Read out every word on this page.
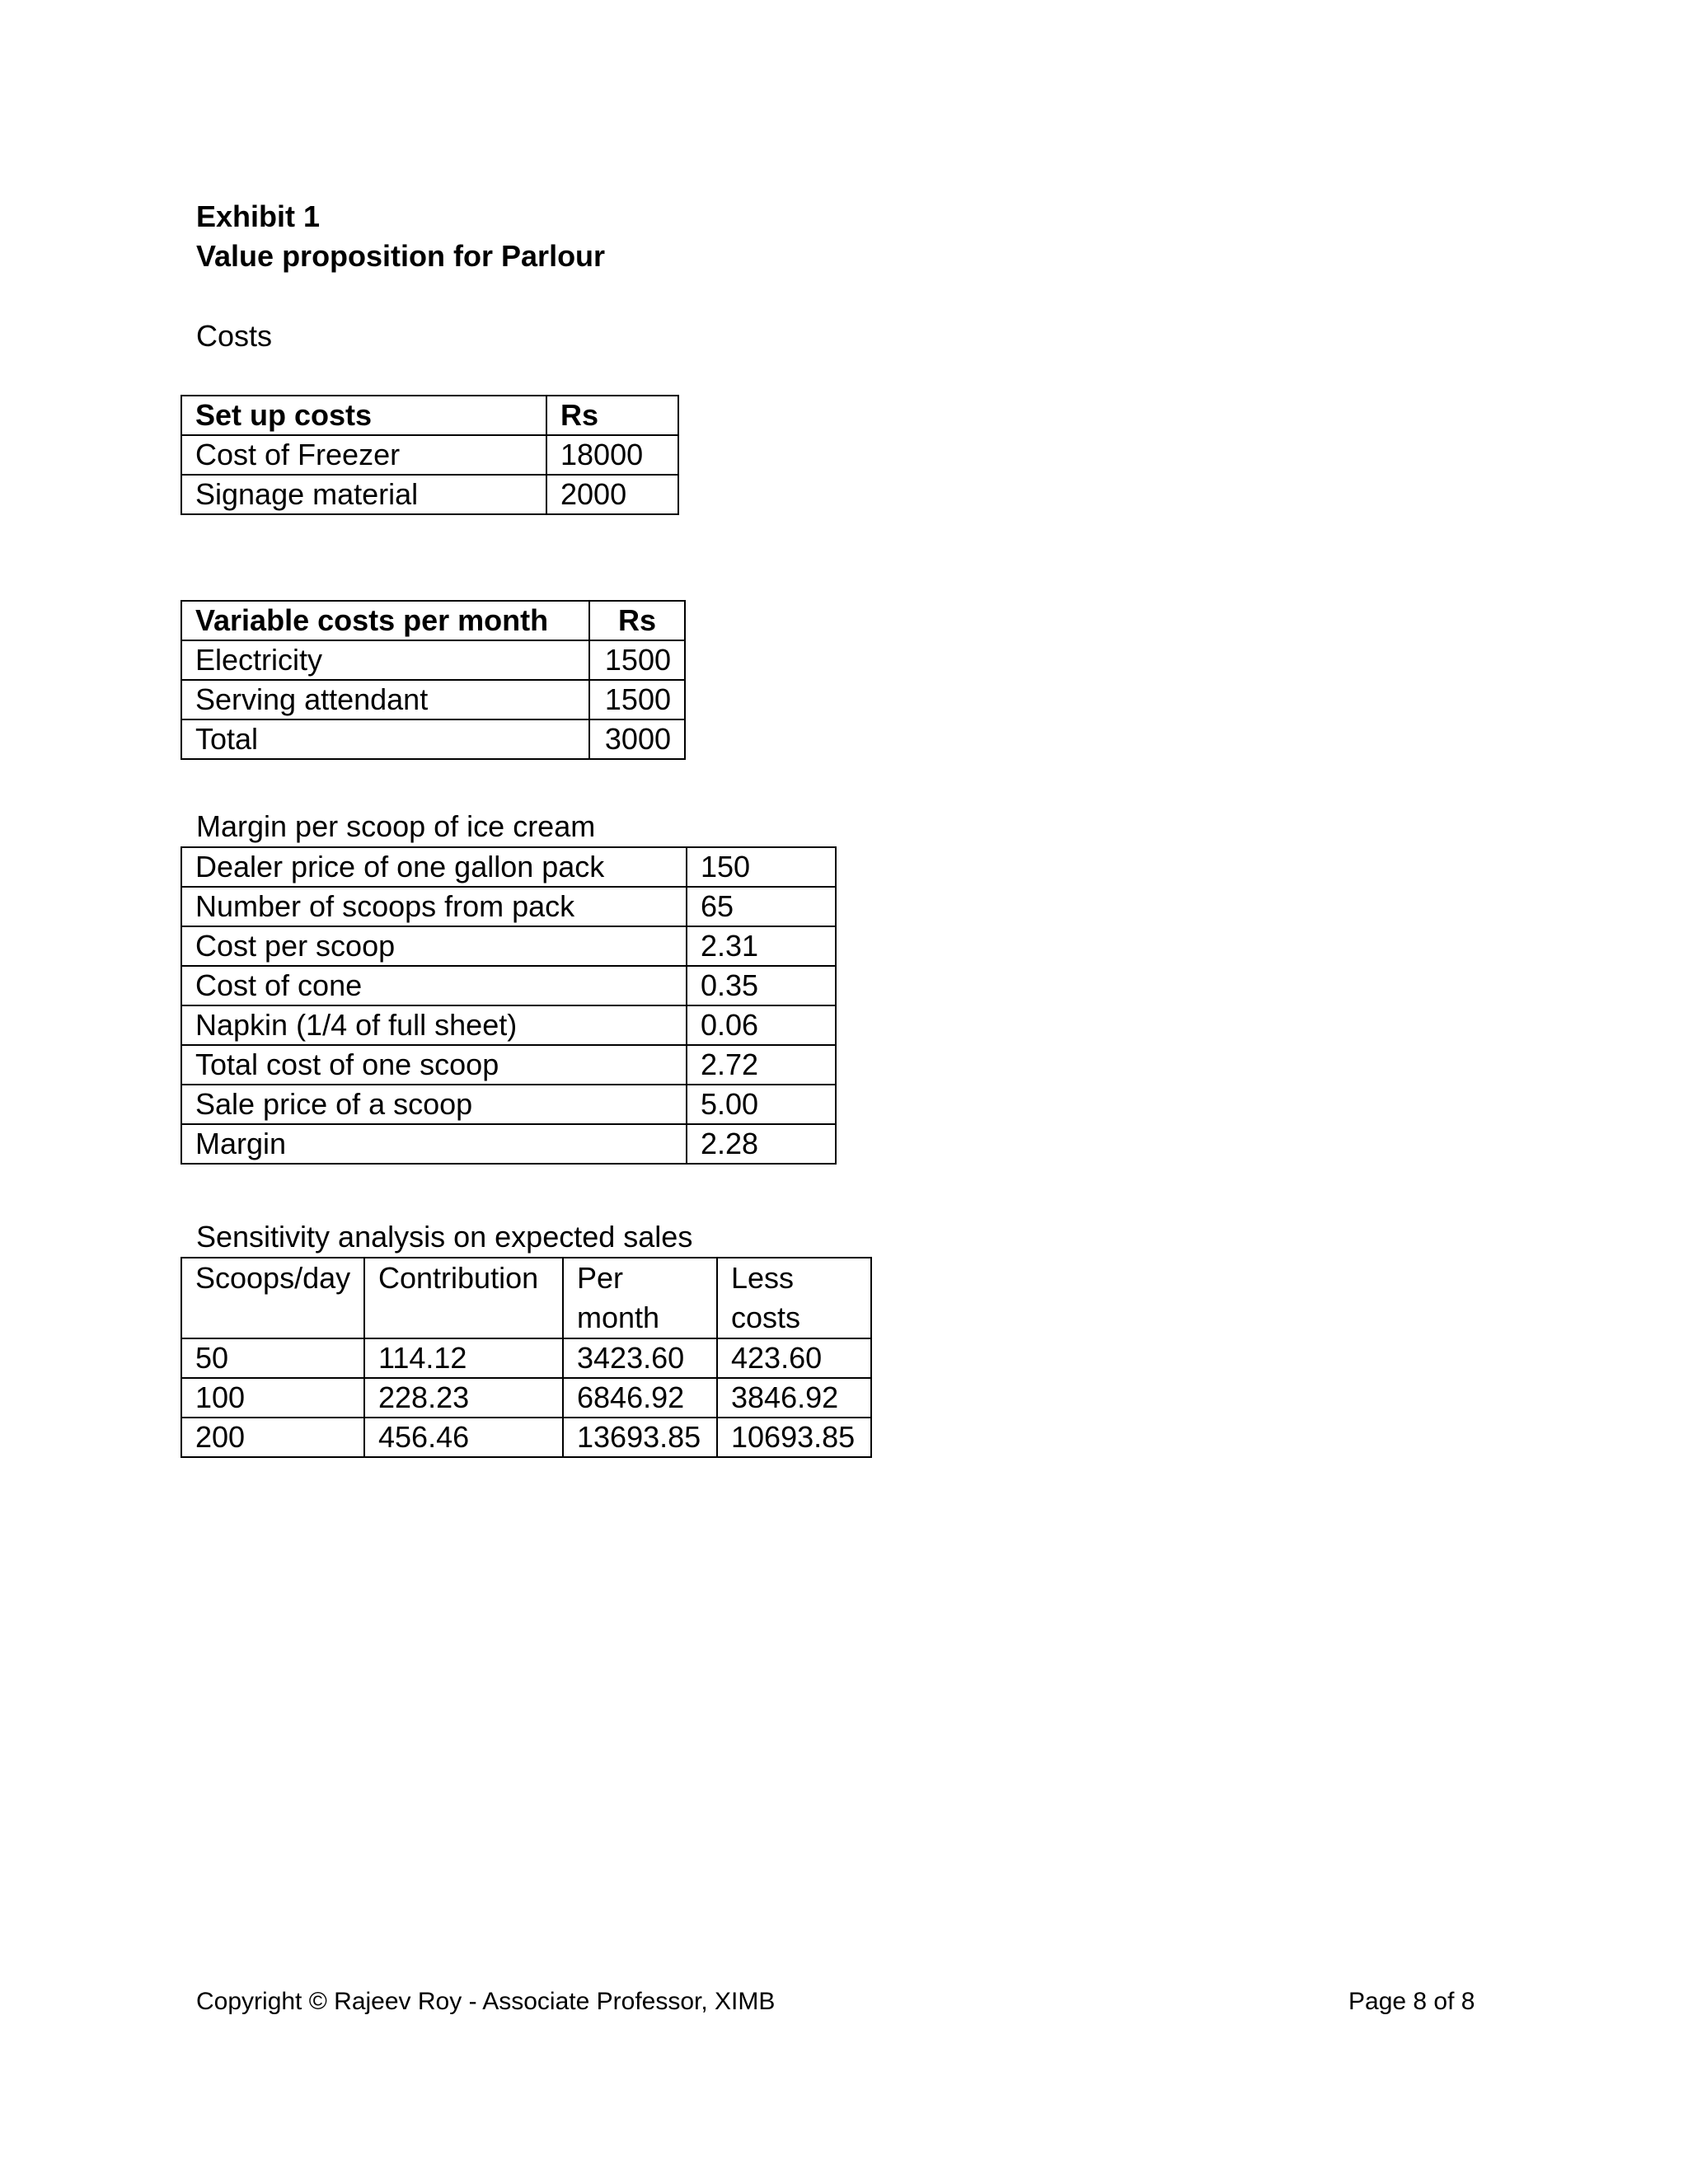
Exhibit 1
Value proposition for Parlour
Costs
Set up costs	Rs
Cost of Freezer	18000
Signage material	2000
Variable costs per month	Rs
Electricity	1500
Serving attendant	1500
Total	3000
Margin per scoop of ice cream
Dealer price of one gallon pack	150
Number of scoops from pack	65
Cost per scoop	2.31
Cost of cone	0.35
Napkin (1/4 of full sheet)	0.06
Total cost of one scoop	2.72
Sale price of a scoop	5.00
Margin	2.28
Sensitivity analysis on expected sales
Scoops/day	Contribution	Per month	Less costs
50	114.12	3423.60	423.60
100	228.23	6846.92	3846.92
200	456.46	13693.85	10693.85
Copyright © Rajeev Roy - Associate Professor, XIMB	Page 8 of 8
